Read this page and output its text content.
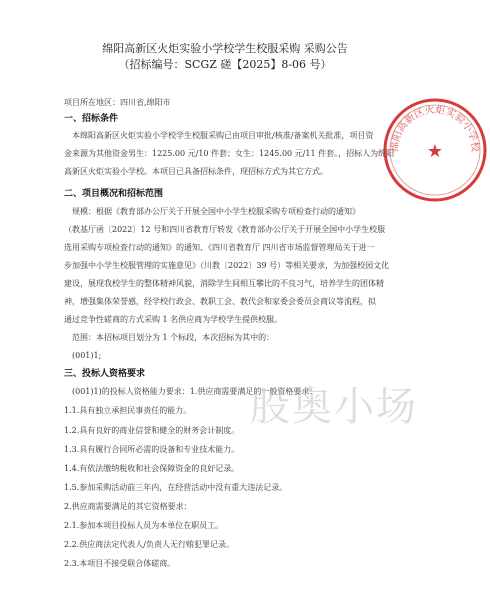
绵阳高新区火炬实验小学校学生校服采购 采购公告
（招标编号：SCGZ 磋【2025】8-06 号）
项目所在地区：四川省,绵阳市
一、招标条件
本绵阳高新区火炬实验小学校学生校服采购已由项目审批/核准/备案机关批准，项目资
金来源为其他资金男生：1225.00 元/10 件套；女生：1245.00 元/11 件套。，招标人为绵阳
高新区火炬实验小学校。本项目已具备招标条件，现招标方式为其它方式。
二、项目概况和招标范围
规模：根据《教育部办公厅关于开展全国中小学生校服采购专项检查行动的通知》
（教基厅函〔2022〕12 号和四川省教育厅转发《教育部办公厅关于开展全国中小学生校服
选用采购专项检查行动的通知》的通知、《四川省教育厅 四川省市场监督管理局关于进一
步加强中小学生校服管理的实施意见》（川教〔2022〕39 号）等相关要求，为加强校园文化
建设，展现我校学生的整体精神风貌，消除学生间相互攀比的不良习气，培养学生的团体精
神，增强集体荣誉感，经学校行政会、教职工会、教代会和家委会委员会商议等流程，拟
通过竞争性磋商的方式采购 1 名供应商为学校学生提供校服。
范围：本招标项目划分为 1 个标段，本次招标为其中的：
(001)1;
三、投标人资格要求
(001)1)的投标人资格能力要求：1.供应商需要满足的一般资格要求：
1.1.具有独立承担民事责任的能力。
1.2.具有良好的商业信誉和健全的财务会计制度。
1.3.具有履行合同所必需的设备和专业技术能力。
1.4.有依法缴纳税收和社会保障资金的良好记录。
1.5.参加采购活动前三年内，在经营活动中没有重大违法记录。
2.供应商需要满足的其它资格要求：
2.1.参加本项目投标人员为本单位在职员工。
2.2.供应商法定代表人/负责人无行贿犯罪记录。
2.3.本项目不接受联合体磋商。
股奥小场
绵阳高新区火炬实验小学校
★
